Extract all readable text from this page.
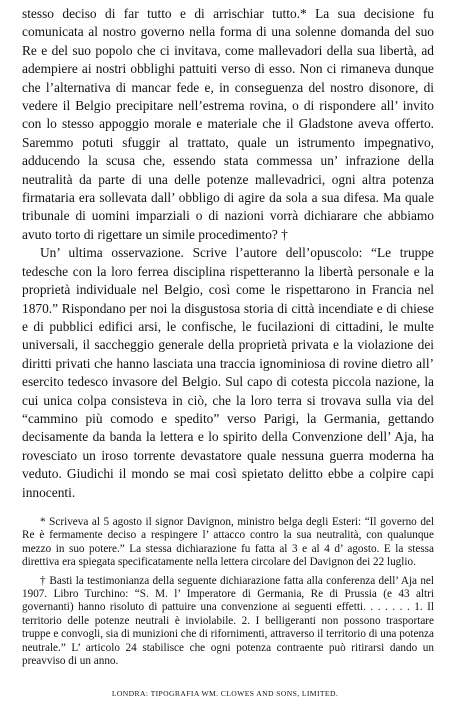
stesso deciso di far tutto e di arrischiar tutto.* La sua decisione fu comunicata al nostro governo nella forma di una solenne domanda del suo Re e del suo popolo che ci invitava, come mallevadori della sua libertà, ad adempiere ai nostri obblighi pattuiti verso di esso. Non ci rimaneva dunque che l’alternativa di mancar fede e, in conseguenza del nostro disonore, di vedere il Belgio precipitare nell’estrema rovina, o di rispondere all’ invito con lo stesso appoggio morale e materiale che il Gladstone aveva offerto. Saremmo potuti sfuggir al trattato, quale un istrumento impegnativo, adducendo la scusa che, essendo stata commessa un’ infrazione della neutralità da parte di una delle potenze mallevadrici, ogni altra potenza firmataria era sollevata dall’ obbligo di agire da sola a sua difesa. Ma quale tribunale di uomini imparziali o di nazioni vorrà dichiarare che abbiamo avuto torto di rigettare un simile procedimento? †

Un’ ultima osservazione. Scrive l’autore dell’opuscolo: “Le truppe tedesche con la loro ferrea disciplina rispetteranno la libertà personale e la proprietà individuale nel Belgio, così come le rispettarono in Francia nel 1870.” Rispondano per noi la disgustosa storia di città incendiate e di chiese e di pubblici edifici arsi, le confische, le fucilazioni di cittadini, le multe universali, il saccheggio generale della proprietà privata e la violazione dei diritti privati che hanno lasciata una traccia ignominiosa di rovine dietro all’ esercito tedesco invasore del Belgio. Sul capo di cotesta piccola nazione, la cui unica colpa consisteva in ciò, che la loro terra si trovava sulla via del “cammino più comodo e spedito” verso Parigi, la Germania, gettando decisamente da banda la lettera e lo spirito della Convenzione dell’ Aja, ha rovesciato un iroso torrente devastatore quale nessuna guerra moderna ha veduto. Giudichi il mondo se mai così spietato delitto ebbe a colpire capi innocenti.

* Scriveva al 5 agosto il signor Davignon, ministro belga degli Esteri: “Il governo del Re è fermamente deciso a respingere l’ attacco contro la sua neutralità, con qualunque mezzo in suo potere.” La stessa dichiarazione fu fatta al 3 e al 4 d’ agosto. E la stessa direttiva era spiegata specificatamente nella lettera circolare del Davignon dei 22 luglio.

† Basti la testimonianza della seguente dichiarazione fatta alla conferenza dell’ Aja nel 1907. Libro Turchino: “S. M. l’ Imperatore di Germania, Re di Prussia (e 43 altri governanti) hanno risoluto di pattuire una convenzione ai seguenti effetti. . . . . . . 1. Il territorio delle potenze neutrali è inviolabile. 2. I belligeranti non possono trasportare truppe e convogli, sia di munizioni che di rifornimenti, attraverso il territorio di una potenza neutrale.” L’ articolo 24 stabilisce che ogni potenza contraente può ritirarsi dando un preavviso di un anno.

LONDRA: TIPOGRAFIA WM. CLOWES AND SONS, LIMITED.
